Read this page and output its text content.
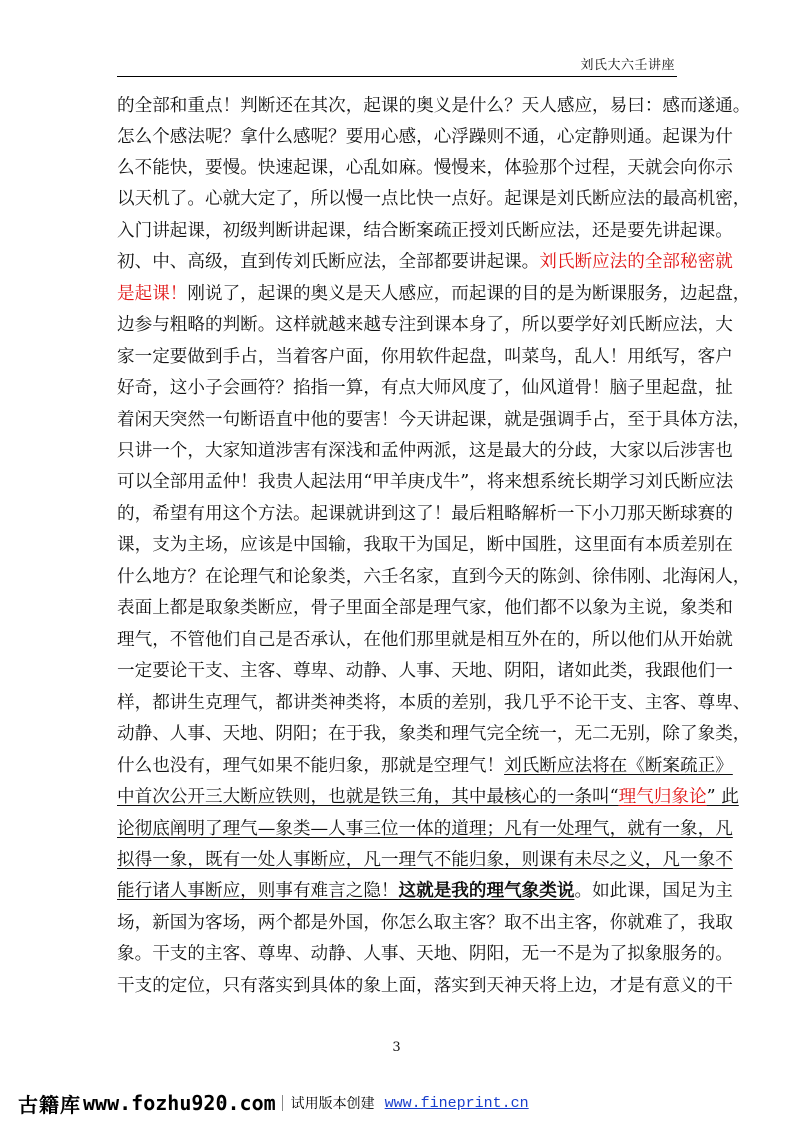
刘氏大六壬讲座
的全部和重点！判断还在其次，起课的奥义是什么？天人感应，易曰：感而遂通。
怎么个感法呢？拿什么感呢？要用心感，心浮躁则不通，心定静则通。起课为什
么不能快，要慢。快速起课，心乱如麻。慢慢来，体验那个过程，天就会向你示
以天机了。心就大定了，所以慢一点比快一点好。起课是刘氏断应法的最高机密，
入门讲起课，初级判断讲起课，结合断案疏正授刘氏断应法，还是要先讲起课。
初、中、高级，直到传刘氏断应法，全部都要讲起课。刘氏断应法的全部秘密就
是起课！刚说了，起课的奥义是天人感应，而起课的目的是为断课服务，边起盘，
边参与粗略的判断。这样就越来越专注到课本身了，所以要学好刘氏断应法，大
家一定要做到手占，当着客户面，你用软件起盘，叫菜鸟，乱人！用纸写，客户
好奇，这小子会画符？掐指一算，有点大师风度了，仙风道骨！脑子里起盘，扯
着闲天突然一句断语直中他的要害！今天讲起课，就是强调手占，至于具体方法，
只讲一个，大家知道涉害有深浅和孟仲两派，这是最大的分歧，大家以后涉害也
可以全部用孟仲！我贵人起法用“甲羊庚戊牛”，将来想系统长期学习刘氏断应法
的，希望有用这个方法。起课就讲到这了！最后粗略解析一下小刀那天断球赛的
课，支为主场，应该是中国输，我取干为国足，断中国胜，这里面有本质差别在
什么地方？在论理气和论象类，六壬名家，直到今天的陈剑、徐伟刚、北海闲人，
表面上都是取象类断应，骨子里面全部是理气家，他们都不以象为主说，象类和
理气，不管他们自己是否承认，在他们那里就是相互外在的，所以他们从开始就
一定要论干支、主客、尊卑、动静、人事、天地、阴阳，诸如此类，我跟他们一
样，都讲生克理气，都讲类神类将，本质的差别，我几乎不论干支、主客、尊卑、
动静、人事、天地、阴阳；在于我，象类和理气完全统一，无二无别，除了象类，
什么也没有，理气如果不能归象，那就是空理气！刘氏断应法将在《断案疏正》
中首次公开三大断应铁则，也就是铁三角，其中最核心的一条叫“理气归象论” 此
论彻底阐明了理气—象类—人事三位一体的道理；凡有一处理气，就有一象，凡
拟得一象，既有一处人事断应，凡一理气不能归象，则课有未尽之义，凡一象不
能行诸人事断应，则事有难言之隐！这就是我的理气象类说。如此课，国足为主
场，新国为客场，两个都是外国，你怎么取主客？取不出主客，你就难了，我取
象。干支的主客、尊卑、动静、人事、天地、阴阳，无一不是为了拟象服务的。
干支的定位，只有落实到具体的象上面，落实到天神天将上边，才是有意义的干
3
古籍库 www.fozhu920.com 试用版本创建 www.fineprint.cn
